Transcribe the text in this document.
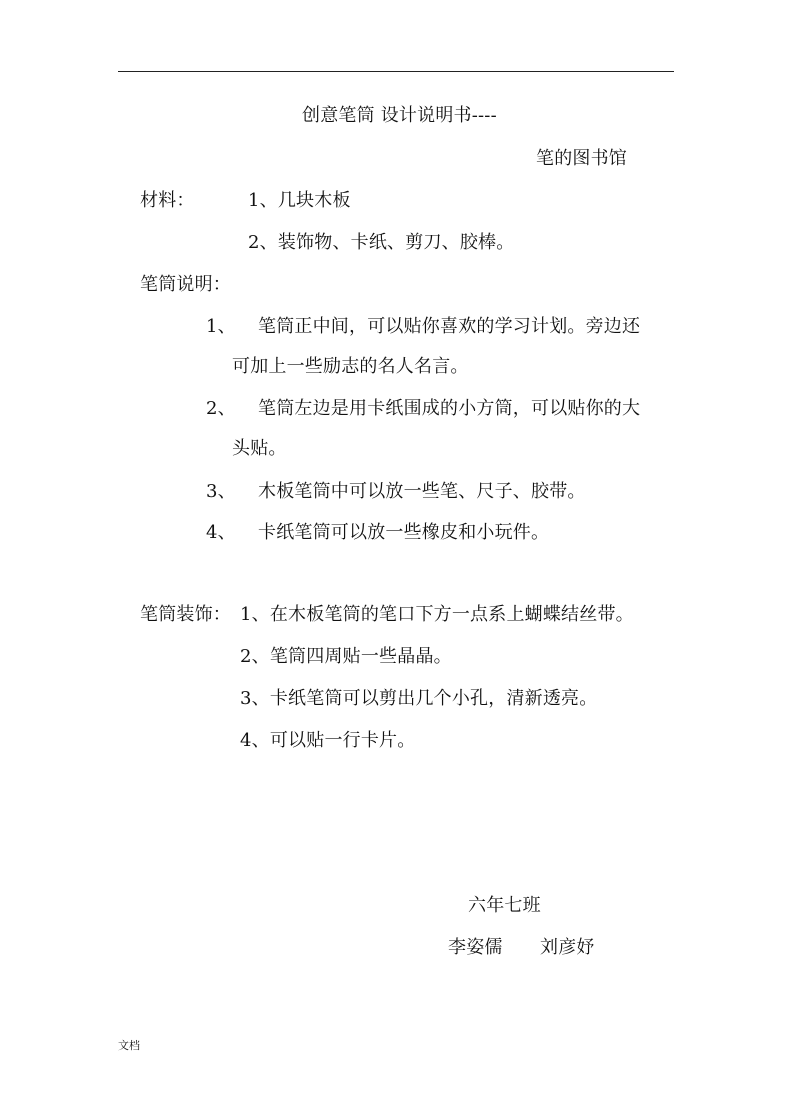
创意笔筒 设计说明书----
笔的图书馆
材料：	1、几块木板
2、装饰物、卡纸、剪刀、胶棒。
笔筒说明：
1、 笔筒正中间，可以贴你喜欢的学习计划。旁边还
可加上一些励志的名人名言。
2、 笔筒左边是用卡纸围成的小方筒，可以贴你的大
头贴。
3、 木板笔筒中可以放一些笔、尺子、胶带。
4、 卡纸笔筒可以放一些橡皮和小玩件。
笔筒装饰： 1、在木板笔筒的笔口下方一点系上蝴蝶结丝带。
2、笔筒四周贴一些晶晶。
3、卡纸笔筒可以剪出几个小孔，清新透亮。
4、可以贴一行卡片。
六年七班
李姿儒 刘彦妤
文档
